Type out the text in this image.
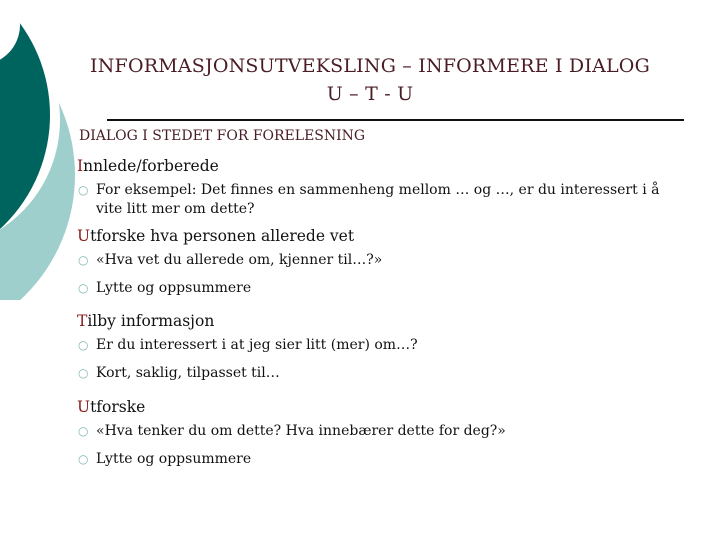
INFORMASJONSUTVEKSLING – INFORMERE I DIALOG
U – T - U
DIALOG I STEDET FOR FORELESNING
Innlede/forberede
○ For eksempel: Det finnes en sammenheng mellom … og …, er du interessert i å vite litt mer om dette?
Utforske hva personen allerede vet
○ «Hva vet du allerede om, kjenner til…?»
○ Lytte og oppsummere
Tilby informasjon
○ Er du interessert i at jeg sier litt (mer) om…?
○ Kort, saklig, tilpasset til…
Utforske
○ «Hva tenker du om dette? Hva innebærer dette for deg?»
○ Lytte og oppsummere
